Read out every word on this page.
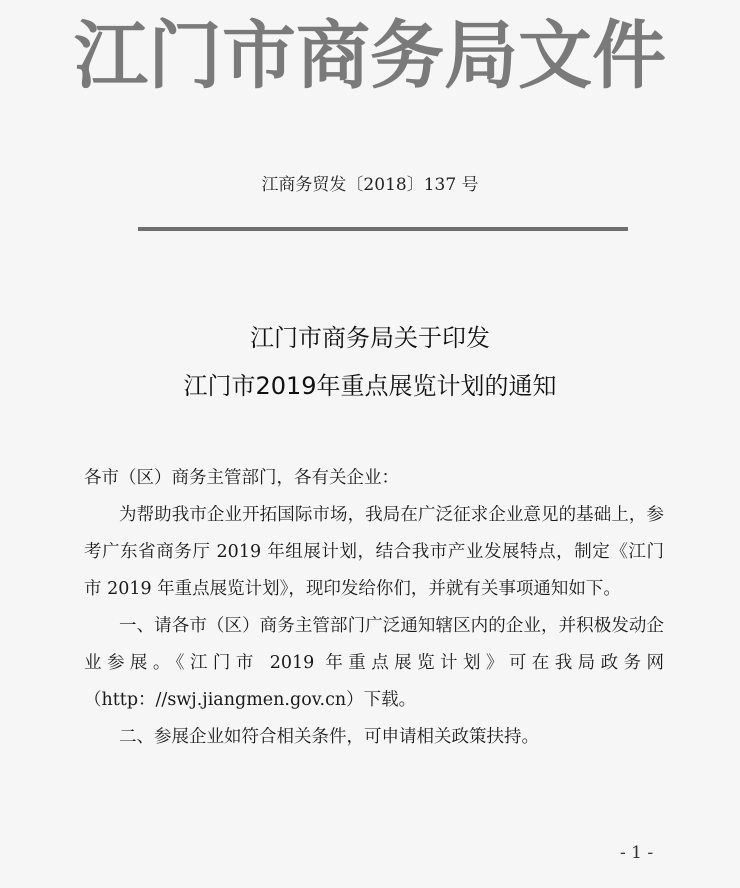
江门市商务局文件
江商务贸发〔2018〕137 号
江门市商务局关于印发
江门市2019年重点展览计划的通知

各市（区）商务主管部门，各有关企业：

为帮助我市企业开拓国际市场，我局在广泛征求企业意见的基础上，参考广东省商务厅 2019 年组展计划，结合我市产业发展特点，制定《江门市 2019 年重点展览计划》，现印发给你们，并就有关事项通知如下。

一、请各市（区）商务主管部门广泛通知辖区内的企业，并积极发动企业参展。《江门市 2019 年重点展览计划》可在我局政务网（http：//swj.jiangmen.gov.cn）下载。

二、参展企业如符合相关条件，可申请相关政策扶持。

- 1 -
